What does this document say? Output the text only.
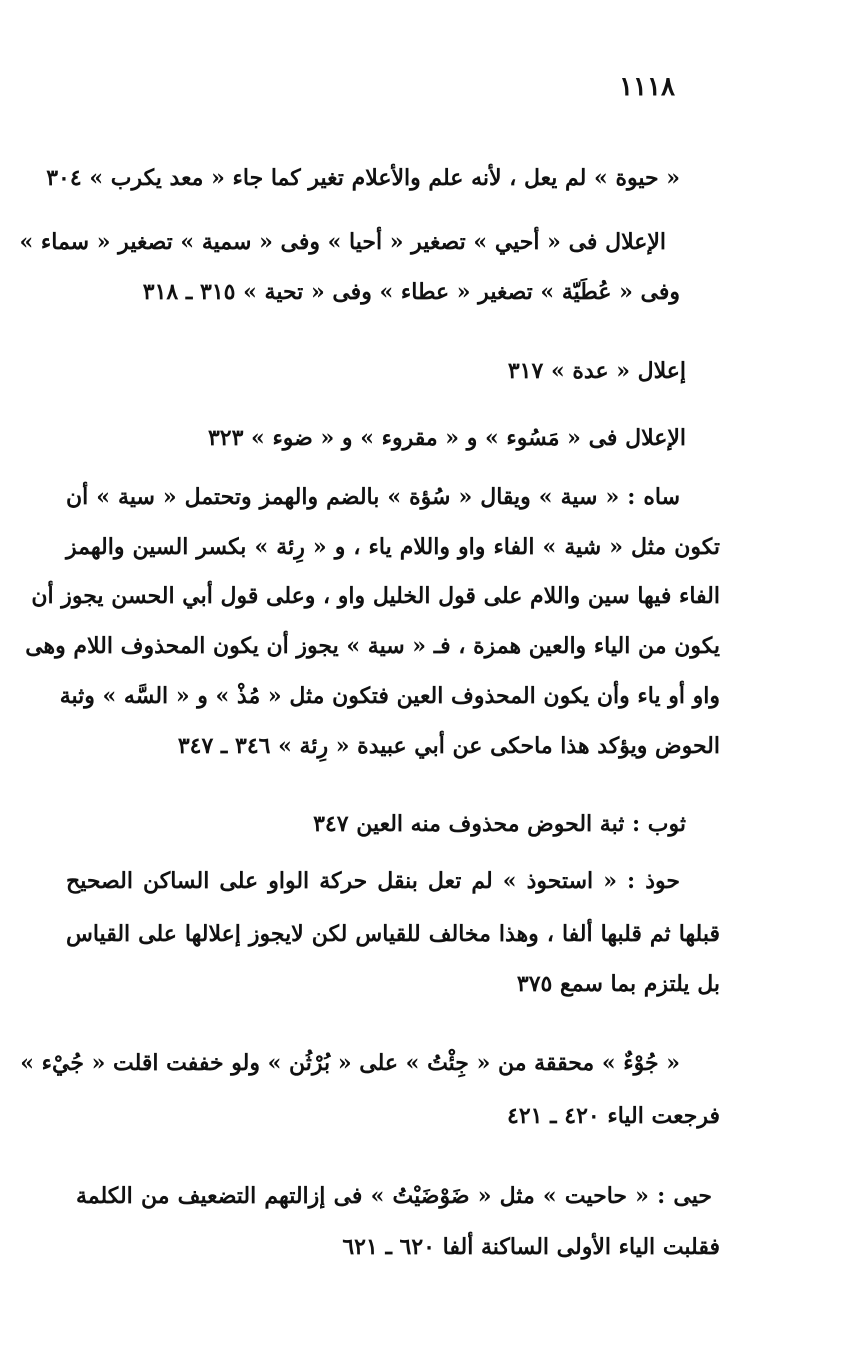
١١١٨
« حيوة » لم يعل ، لأنه علم والأعلام تغير كما جاء « معد يكرب » ٣٠٤
الإعلال فى « أحيي » تصغير « أحيا » وفى « سمية » تصغير « سماء »
وفى « عُطَيّة » تصغير « عطاء » وفى « تحية » ٣١٥ ـ ٣١٨
إعلال « عدة » ٣١٧
الإعلال فى « مَسُوء » و « مقروء » و « ضوء » ٣٢٣
ساه : « سية » ويقال « سُؤة » بالضم والهمز وتحتمل « سية » أن
تكون مثل « شية » الفاء واو واللام ياء ، و « رِئة » بكسر السين والهمز
الفاء فيها سين واللام على قول الخليل واو ، وعلى قول أبي الحسن يجوز أن
يكون من الياء والعين همزة ، فـ « سية » يجوز أن يكون المحذوف اللام وهى
واو أو ياء وأن يكون المحذوف العين فتكون مثل « مُذْ » و « السَّه » وثبة
الحوض ويؤكد هذا ماحكى عن أبي عبيدة « رِئة » ٣٤٦ ـ ٣٤٧
ثوب : ثبة الحوض محذوف منه العين ٣٤٧
حوذ : « استحوذ » لم تعل بنقل حركة الواو على الساكن الصحيح
قبلها ثم قلبها ألفا ، وهذا مخالف للقياس لكن لايجوز إعلالها على القياس
بل يلتزم بما سمع ٣٧٥
« جُوْءٌ » محققة من « جِئْتُ » على « بُرْثُن » ولو خففت اقلت « جُيْء »
فرجعت الياء ٤٢٠ ـ ٤٢١
حيى : « حاحيت » مثل « ضَوْضَيْتُ » فى إزالتهم التضعيف من الكلمة
فقلبت الياء الأولى الساكنة ألفا ٦٢٠ ـ ٦٢١
